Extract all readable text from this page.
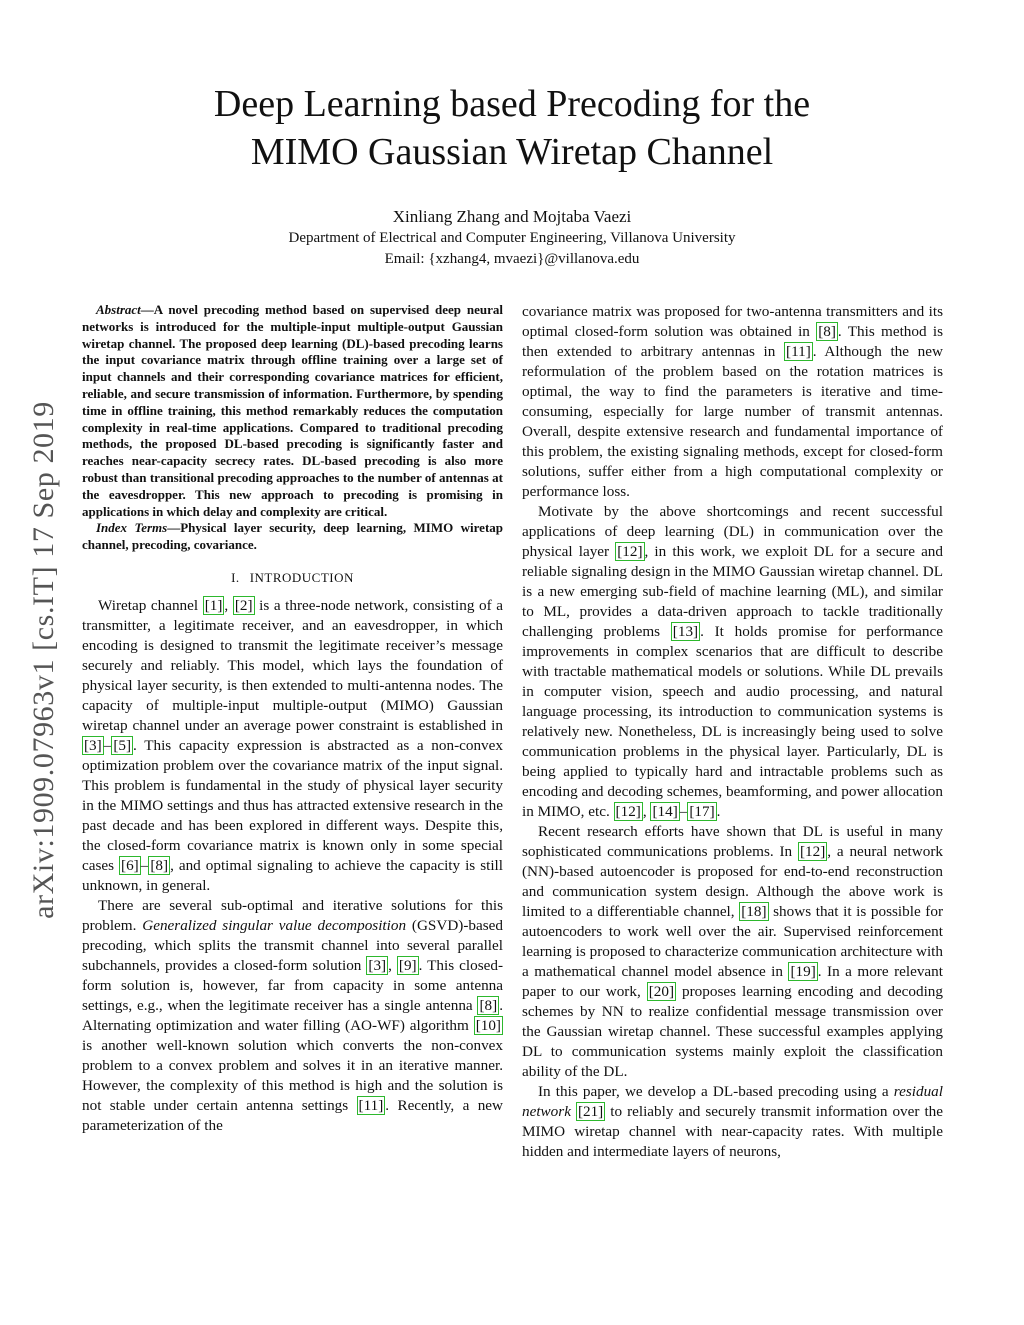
arXiv:1909.07963v1 [cs.IT] 17 Sep 2019
Deep Learning based Precoding for the
MIMO Gaussian Wiretap Channel
Xinliang Zhang and Mojtaba Vaezi
Department of Electrical and Computer Engineering, Villanova University
Email: {xzhang4, mvaezi}@villanova.edu

Abstract—A novel precoding method based on supervised deep neural networks is introduced for the multiple-input multiple-output Gaussian wiretap channel. The proposed deep learning (DL)-based precoding learns the input covariance matrix through offline training over a large set of input channels and their corresponding covariance matrices for efficient, reliable, and secure transmission of information. Furthermore, by spending time in offline training, this method remarkably reduces the computation complexity in real-time applications. Compared to traditional precoding methods, the proposed DL-based precoding is significantly faster and reaches near-capacity secrecy rates. DL-based precoding is also more robust than transitional precoding approaches to the number of antennas at the eavesdropper. This new approach to precoding is promising in applications in which delay and complexity are critical.

Index Terms—Physical layer security, deep learning, MIMO wiretap channel, precoding, covariance.

I. INTRODUCTION

Wiretap channel [1] , [2] is a three-node network, consisting of a transmitter, a legitimate receiver, and an eavesdropper, in which encoding is designed to transmit the legitimate receiver’s message securely and reliably. This model, which lays the foundation of physical layer security, is then extended to multi-antenna nodes. The capacity of multiple-input multiple-output (MIMO) Gaussian wiretap channel under an average power constraint is established in [3] – [5] . This capacity expression is abstracted as a non-convex optimization problem over the covariance matrix of the input signal. This problem is fundamental in the study of physical layer security in the MIMO settings and thus has attracted extensive research in the past decade and has been explored in different ways. Despite this, the closed-form covariance matrix is known only in some special cases [6] – [8] , and optimal signaling to achieve the capacity is still unknown, in general.

There are several sub-optimal and iterative solutions for this problem. Generalized singular value decomposition (GSVD)-based precoding, which splits the transmit channel into several parallel subchannels, provides a closed-form solution [3] , [9] . This closed-form solution is, however, far from capacity in some antenna settings, e.g., when the legitimate receiver has a single antenna [8] . Alternating optimization and water filling (AO-WF) algorithm [10] is another well-known solution which converts the non-convex problem to a convex problem and solves it in an iterative manner. However, the complexity of this method is high and the solution is not stable under certain antenna settings [11] . Recently, a new parameterization of the

covariance matrix was proposed for two-antenna transmitters and its optimal closed-form solution was obtained in [8] . This method is then extended to arbitrary antennas in [11] . Although the new reformulation of the problem based on the rotation matrices is optimal, the way to find the parameters is iterative and time-consuming, especially for large number of transmit antennas. Overall, despite extensive research and fundamental importance of this problem, the existing signaling methods, except for closed-form solutions, suffer either from a high computational complexity or performance loss.

Motivate by the above shortcomings and recent successful applications of deep learning (DL) in communication over the physical layer [12] , in this work, we exploit DL for a secure and reliable signaling design in the MIMO Gaussian wiretap channel. DL is a new emerging sub-field of machine learning (ML), and similar to ML, provides a data-driven approach to tackle traditionally challenging problems [13] . It holds promise for performance improvements in complex scenarios that are difficult to describe with tractable mathematical models or solutions. While DL prevails in computer vision, speech and audio processing, and natural language processing, its introduction to communication systems is relatively new. Nonetheless, DL is increasingly being used to solve communication problems in the physical layer. Particularly, DL is being applied to typically hard and intractable problems such as encoding and decoding schemes, beamforming, and power allocation in MIMO, etc. [12] , [14] – [17] .

Recent research efforts have shown that DL is useful in many sophisticated communications problems. In [12] , a neural network (NN)-based autoencoder is proposed for end-to-end reconstruction and communication system design. Although the above work is limited to a differentiable channel, [18] shows that it is possible for autoencoders to work well over the air. Supervised reinforcement learning is proposed to characterize communication architecture with a mathematical channel model absence in [19] . In a more relevant paper to our work, [20] proposes learning encoding and decoding schemes by NN to realize confidential message transmission over the Gaussian wiretap channel. These successful examples applying DL to communication systems mainly exploit the classification ability of the DL.

In this paper, we develop a DL-based precoding using a residual network [21] to reliably and securely transmit information over the MIMO wiretap channel with near-capacity rates. With multiple hidden and intermediate layers of neurons,
